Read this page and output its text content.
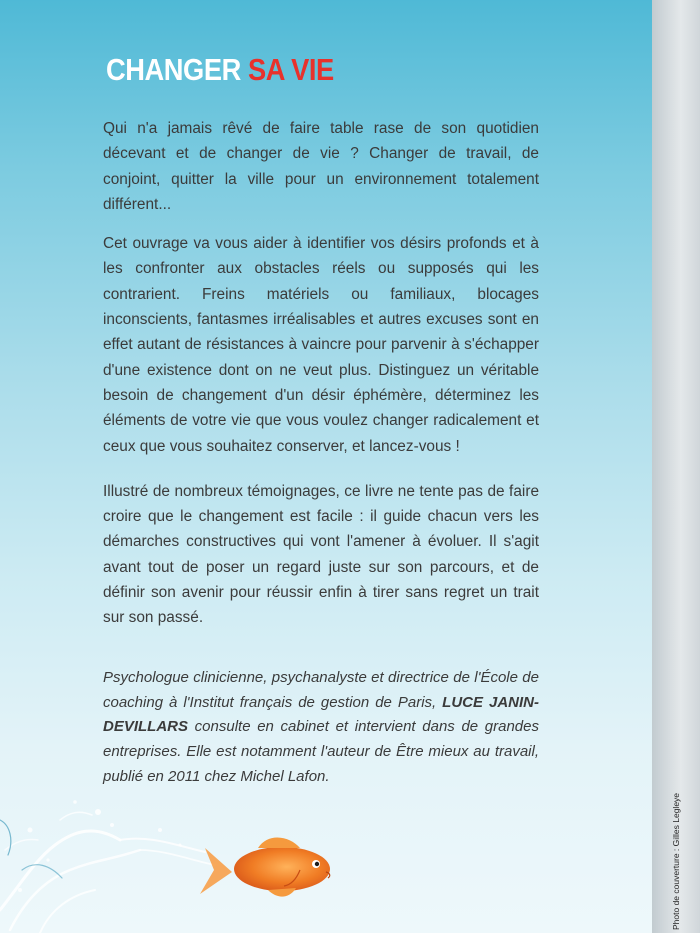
CHANGER SA VIE

Qui n'a jamais rêvé de faire table rase de son quotidien décevant et de changer de vie ? Changer de travail, de conjoint, quitter la ville pour un environnement totalement différent...

Cet ouvrage va vous aider à identifier vos désirs profonds et à les confronter aux obstacles réels ou supposés qui les contrarient. Freins matériels ou familiaux, blocages inconscients, fantasmes irréalisables et autres excuses sont en effet autant de résistances à vaincre pour parvenir à s'échapper d'une existence dont on ne veut plus. Distinguez un véritable besoin de changement d'un désir éphémère, déterminez les éléments de votre vie que vous voulez changer radicalement et ceux que vous souhaitez conserver, et lancez-vous !

Illustré de nombreux témoignages, ce livre ne tente pas de faire croire que le changement est facile : il guide chacun vers les démarches constructives qui vont l'amener à évoluer. Il s'agit avant tout de poser un regard juste sur son parcours, et de définir son avenir pour réussir enfin à tirer sans regret un trait sur son passé.

Psychologue clinicienne, psychanalyste et directrice de l'École de coaching à l'Institut français de gestion de Paris, LUCE JANIN-DEVILLARS consulte en cabinet et intervient dans de grandes entreprises. Elle est notamment l'auteur de Être mieux au travail, publié en 2011 chez Michel Lafon.
Photo de couverture : Gilles Legleye
